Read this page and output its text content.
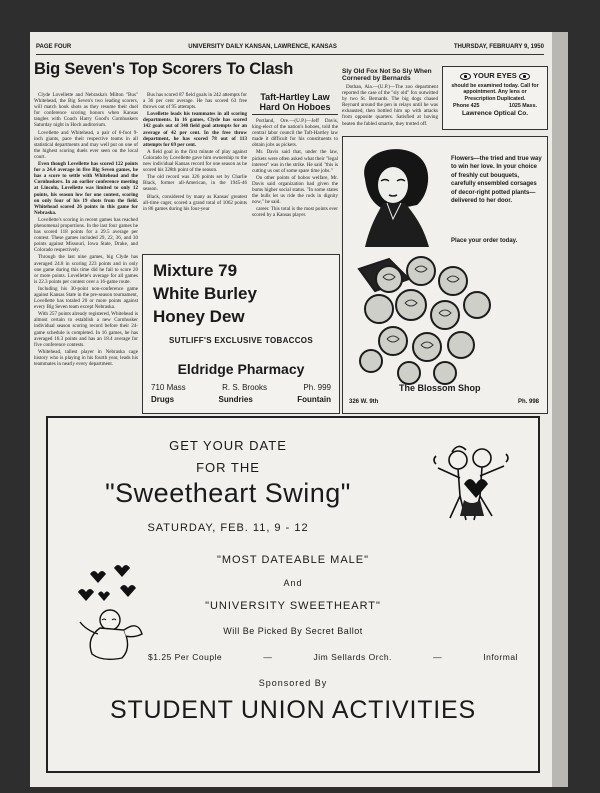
PAGE FOUR	UNIVERSITY DAILY KANSAN, LAWRENCE, KANSAS	THURSDAY, FEBRUARY 9, 1950
Big Seven's Top Scorers To Clash

Clyde Lovellette and Nebraska's Milton "Bus" Whitehead, the Big Seven's two leading scorers, will match hook shots as they resume their duel for conference scoring honors when Kansas tangles with Coach Harry Good's Cornhuskers Saturday night in Hoch auditorium.

Lovellette and Whitehead, a pair of 6-foot 9-inch giants, pace their respective teams in all statistical departments and may well put on one of the highest scoring duels ever seen on the local court.

Even though Lovellette has scored 122 points for a 24.4 average in five Big Seven games, he has a score to settle with Whitehead and the Cornhuskers. In an earlier conference meeting at Lincoln, Lovellette was limited to only 12 points, his season low for one contest, scoring on only four of his 19 shots from the field. Whitehead scored 26 points in this game for Nebraska.

Lovellette's scoring in recent games has reached phenomenal proportions. In the last four games he has scored 118 points for a 29.5 average per contest. These games included 29, 22, 36, and 30 points against Missouri, Iowa State, Drake, and Colorado respectively.

Through the last nine games, big Clyde has averaged 24.8 in scoring 223 points and in only one game during this time did he fail to score 20 or more points. Lovellette's average for all games is 22.3 points per contest over a 16-game route.

Including his 30-point non-conference game against Kansas State in the pre-season tournament, Lovellette has totaled 20 or more points against every Big Seven team except Nebraska.

With 257 points already registered, Whitehead is almost certain to establish a new Cornhusker individual season scoring record before their 24-game schedule is completed. In 16 games, he has averaged 16.3 points and has an 18.4 average for five conference contests.

Whitehead, tallest player in Nebraska cage history who is playing in his fourth year, leads his teammates in nearly every department.

Bus has scored 87 field goals in 242 attempts for a 36 per cent average. He has scored 63 free throws out of 95 attempts.

Lovellette leads his teammates in all scoring departments. In 16 games, Clyde has scored 142 goals out of 340 field goal attempts for an average of 42 per cent. In the free throw department, he has scored 78 out of 113 attempts for 69 per cent.

A field goal in the first minute of play against Colorado by Lovellette gave him ownership to the new individual Kansas record for one season as he scored his 328th point of the season.

The old record was 326 points set by Charlie Black, former all-American, in the 1945-46 season.

Black, considered by many as Kansas' greatest all-time cager, scored a grand total of 1062 points in 86 games during his four-year

Taft-Hartley Law Hard On Hoboes

Portland, Ore.—(U.P.)—Jeff Davis, king-elect of the nation's hoboes, told the central labor council the Taft-Hartley law made it difficult for his constituents to obtain jobs as pickets.

Mr. Davis said that, under the law, pickets were often asked what their "legal interest" was in the strike. He said "this is cutting us out of some spare time jobs."

On other points of hobos welfare, Mr. Davis said organization had given the bums higher social status. "In some states the bulls let us ride the rods in dignity now," he said.

career. This total is the most points ever scored by a Kansas player.

Sly Old Fox Not So Sly When Cornered by Bernards

Dothan, Ala.—(U.P.)—The zoo department reported the case of the "sly old" fox outwitted by two St. Bernards. The big dogs chased Reynard around the pen in relays until he was exhausted, then bottled him up with attacks from opposite quarters. Satisfied at having beaten the fabled smartie, they trotted off.

YOUR EYES
should be examined today. Call for appointment. Any lens or Prescription Duplicated.
Phone 425	1025 Mass.
Lawrence Optical Co.
Mixture 79
White Burley
Honey Dew
SUTLIFF'S EXCLUSIVE TOBACCOS
Eldridge Pharmacy
710 Mass	R. S. Brooks	Ph. 999
Drugs	Sundries	Fountain
Flowers—the tried and true way to win her love. In your choice of freshly cut bouquets, carefully ensembled corsages of decor-right potted plants—delivered to her door.
Place your order today.
The Blossom Shop
326 W. 9th	Ph. 998
GET YOUR DATE
FOR THE
"Sweetheart Swing"
SATURDAY, FEB. 11, 9 - 12
"MOST DATEABLE MALE"
And
"UNIVERSITY SWEETHEART"
Will Be Picked By Secret Ballot
$1.25 Per Couple	—	Jim Sellards Orch.	—	Informal
Sponsored By
STUDENT UNION ACTIVITIES
